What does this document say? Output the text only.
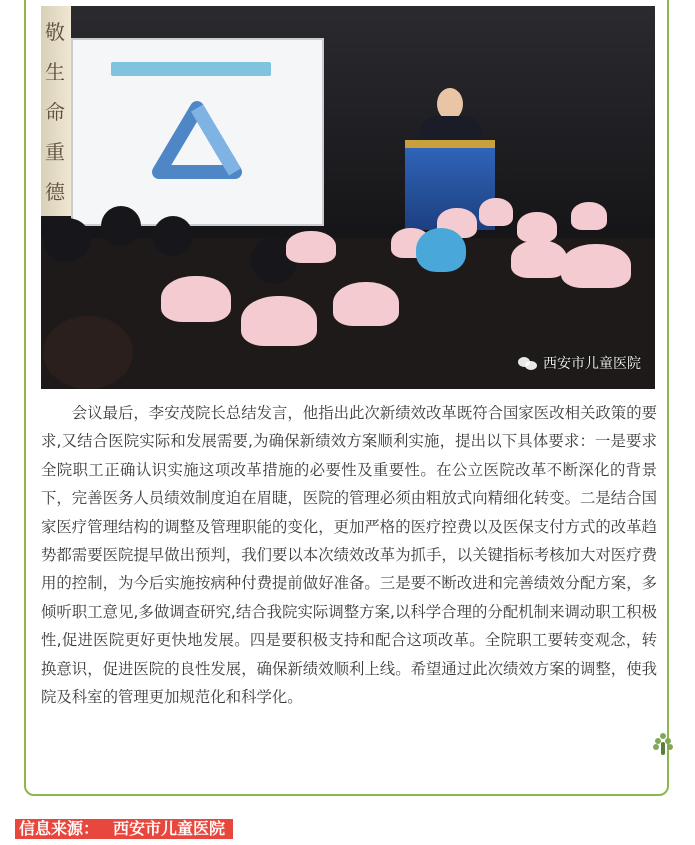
敬
生
命
重
德
西安市儿童医院

会议最后，李安茂院长总结发言，他指出此次新绩效改革既符合国家医改相关政策的要求,又结合医院实际和发展需要,为确保新绩效方案顺利实施，提出以下具体要求：一是要求全院职工正确认识实施这项改革措施的必要性及重要性。在公立医院改革不断深化的背景下，完善医务人员绩效制度迫在眉睫，医院的管理必须由粗放式向精细化转变。二是结合国家医疗管理结构的调整及管理职能的变化，更加严格的医疗控费以及医保支付方式的改革趋势都需要医院提早做出预判，我们要以本次绩效改革为抓手，以关键指标考核加大对医疗费用的控制，为今后实施按病种付费提前做好准备。三是要不断改进和完善绩效分配方案，多倾听职工意见,多做调查研究,结合我院实际调整方案,以科学合理的分配机制来调动职工积极性,促进医院更好更快地发展。四是要积极支持和配合这项改革。全院职工要转变观念，转换意识，促进医院的良性发展，确保新绩效顺利上线。希望通过此次绩效方案的调整，使我院及科室的管理更加规范化和科学化。

信息来源： 西安市儿童医院
